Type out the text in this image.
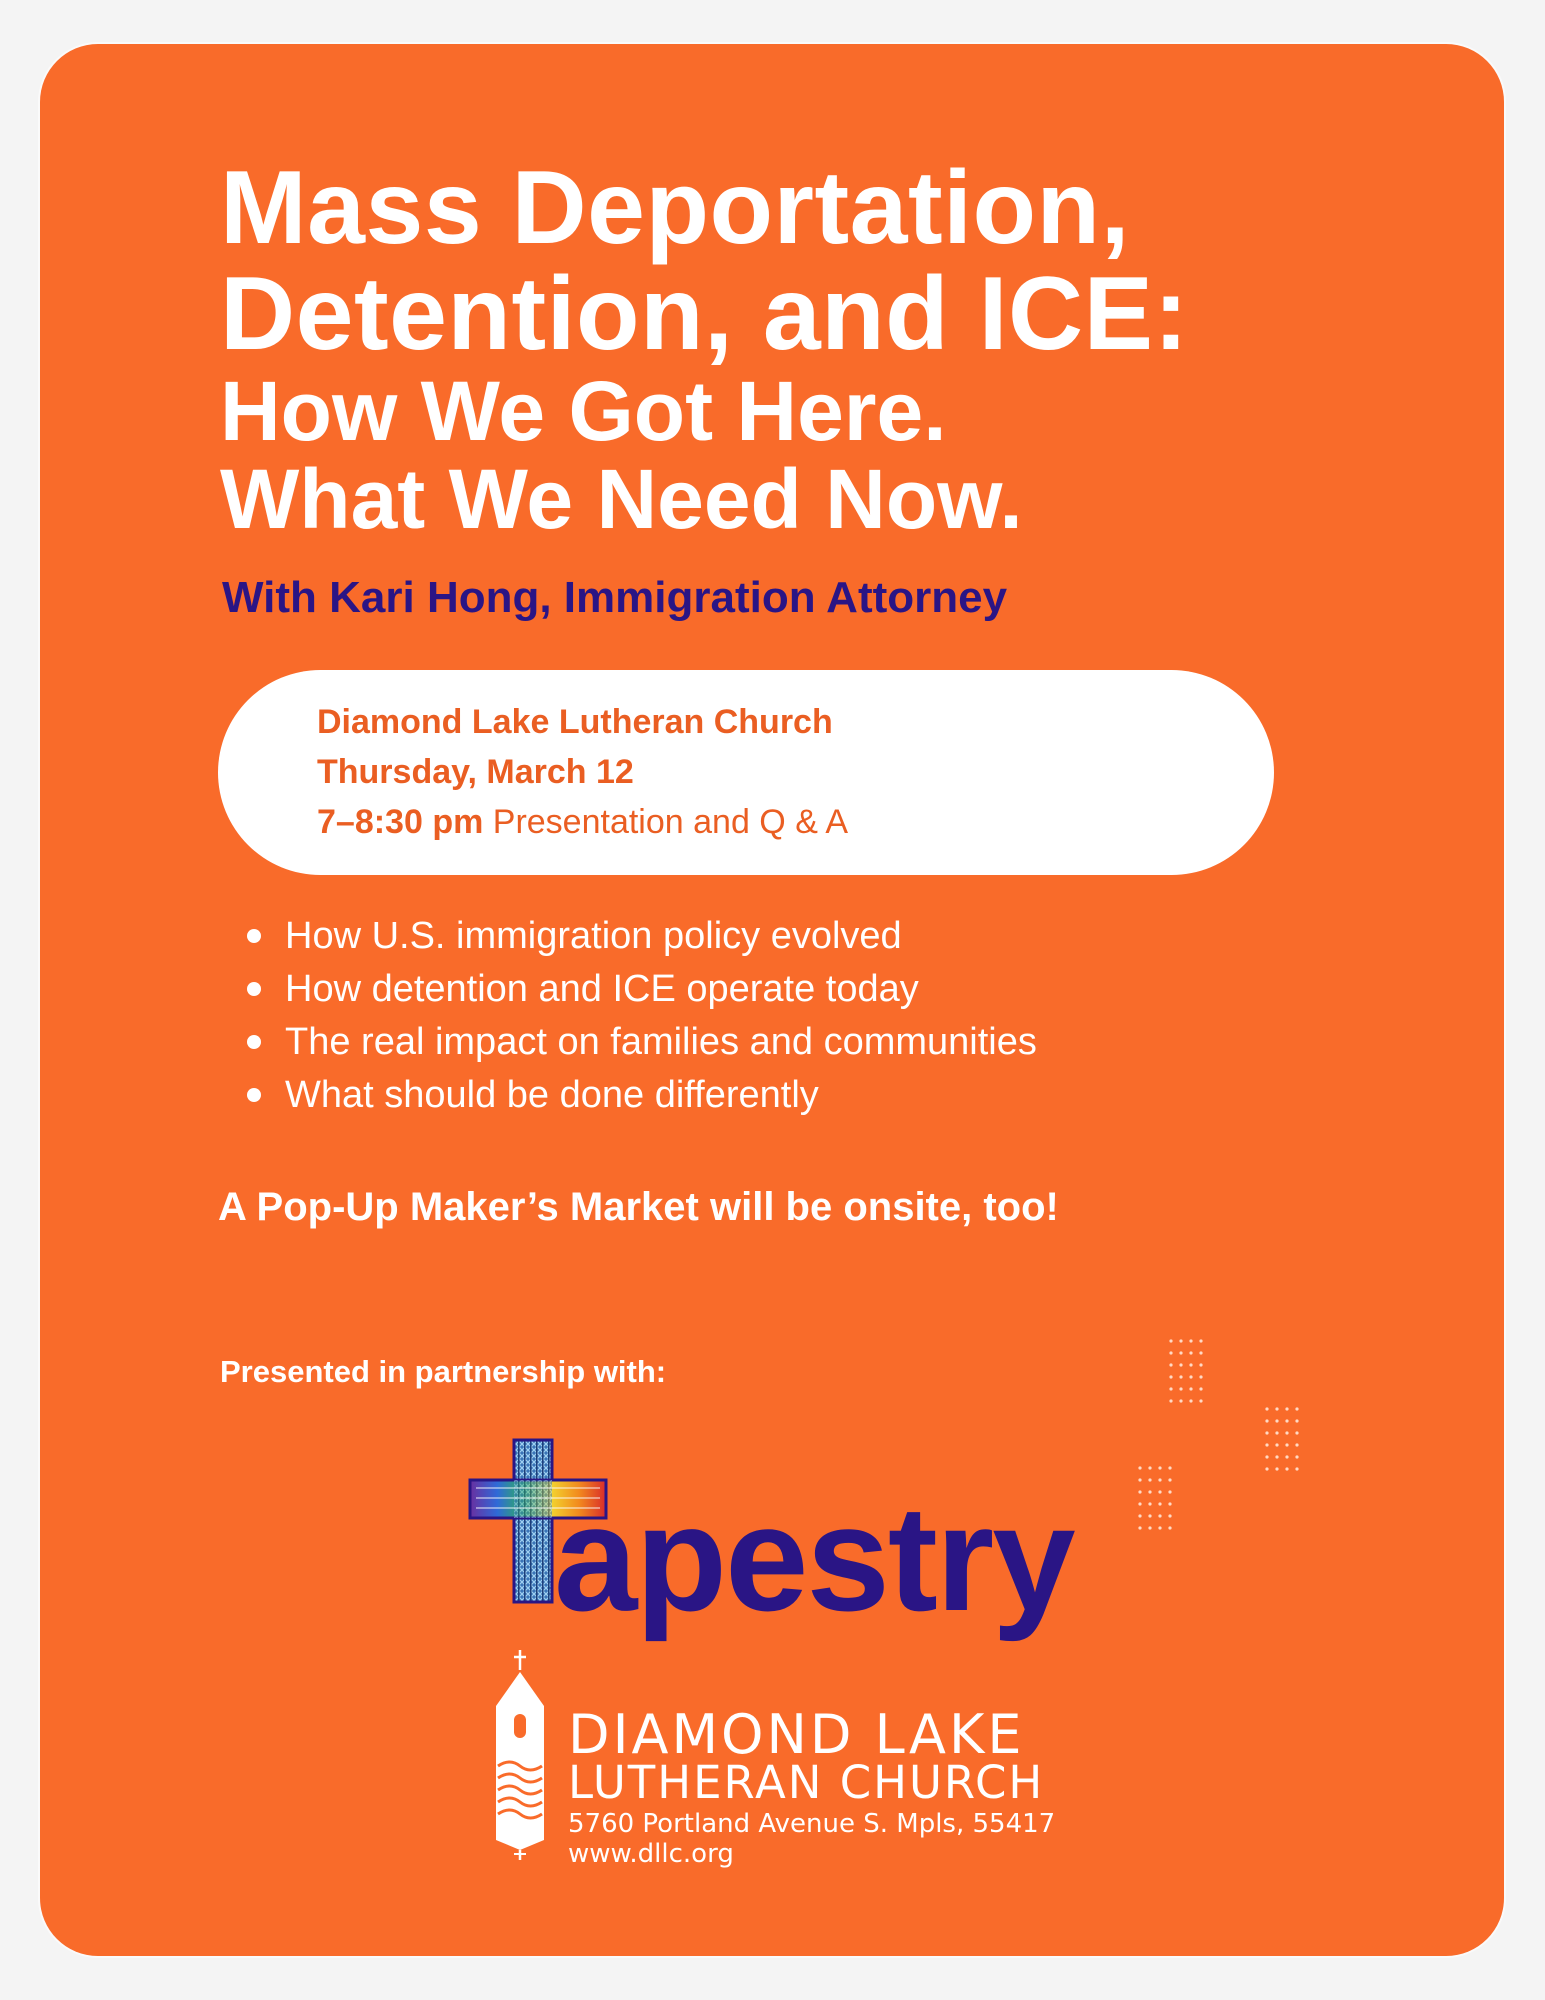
Mass Deportation,
Detention, and ICE:
How We Got Here.
What We Need Now.
With Kari Hong, Immigration Attorney
Diamond Lake Lutheran Church
Thursday, March 12
7–8:30 pm Presentation and Q & A
How U.S. immigration policy evolved
How detention and ICE operate today
The real impact on families and communities
What should be done differently
A Pop-Up Maker’s Market will be onsite, too!
Presented in partnership with:
apestry
DIAMOND LAKE
LUTHERAN CHURCH
5760 Portland Avenue S. Mpls, 55417
www.dllc.org
